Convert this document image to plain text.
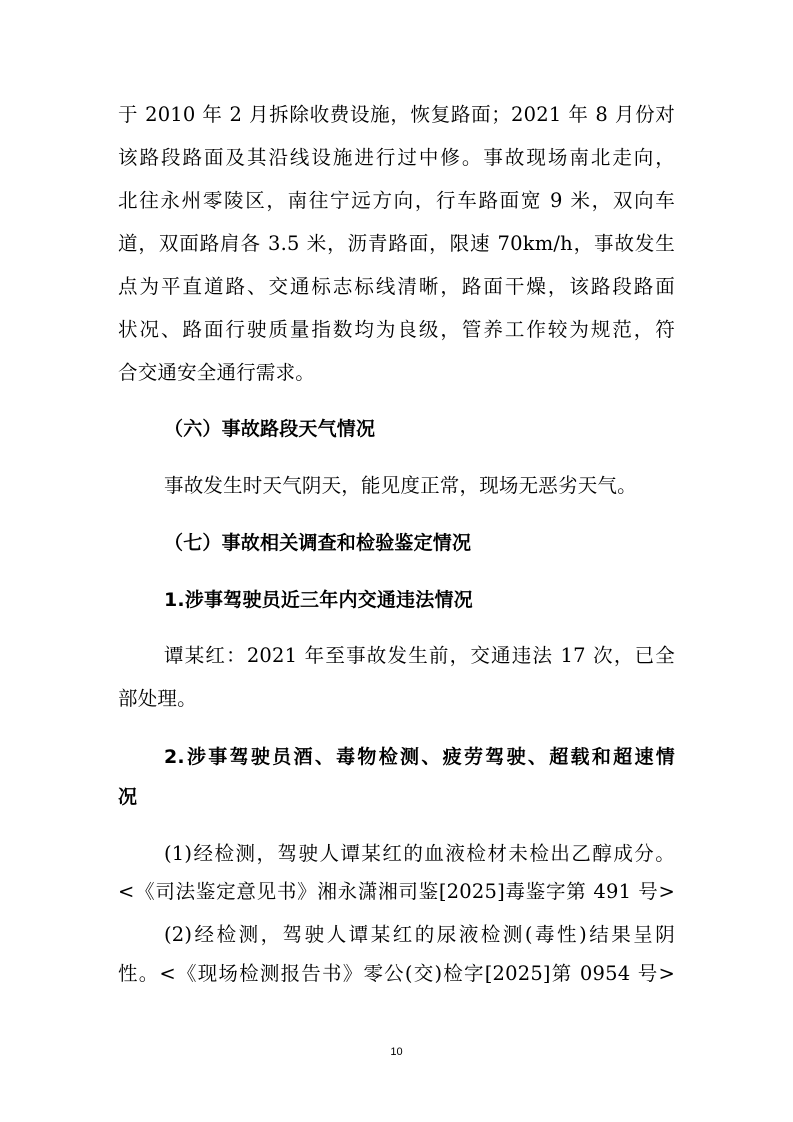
于 2010 年 2 月拆除收费设施，恢复路面；2021 年 8 月份对
该路段路面及其沿线设施进行过中修。事故现场南北走向，
北往永州零陵区，南往宁远方向，行车路面宽 9 米，双向车
道，双面路肩各 3.5 米，沥青路面，限速 70km/h，事故发生
点为平直道路、交通标志标线清晰，路面干燥，该路段路面
状况、路面行驶质量指数均为良级，管养工作较为规范，符
合交通安全通行需求。
（六）事故路段天气情况
事故发生时天气阴天，能见度正常，现场无恶劣天气。
（七）事故相关调查和检验鉴定情况
1.涉事驾驶员近三年内交通违法情况
谭某红：2021 年至事故发生前，交通违法 17 次，已全
部处理。
2.涉事驾驶员酒、毒物检测、疲劳驾驶、超载和超速情
况
(1)经检测，驾驶人谭某红的血液检材未检出乙醇成分。
<《司法鉴定意见书》湘永潇湘司鉴[2025]毒鉴字第 491 号>
(2)经检测，驾驶人谭某红的尿液检测(毒性)结果呈阴
性。<《现场检测报告书》零公(交)检字[2025]第 0954 号>
10
